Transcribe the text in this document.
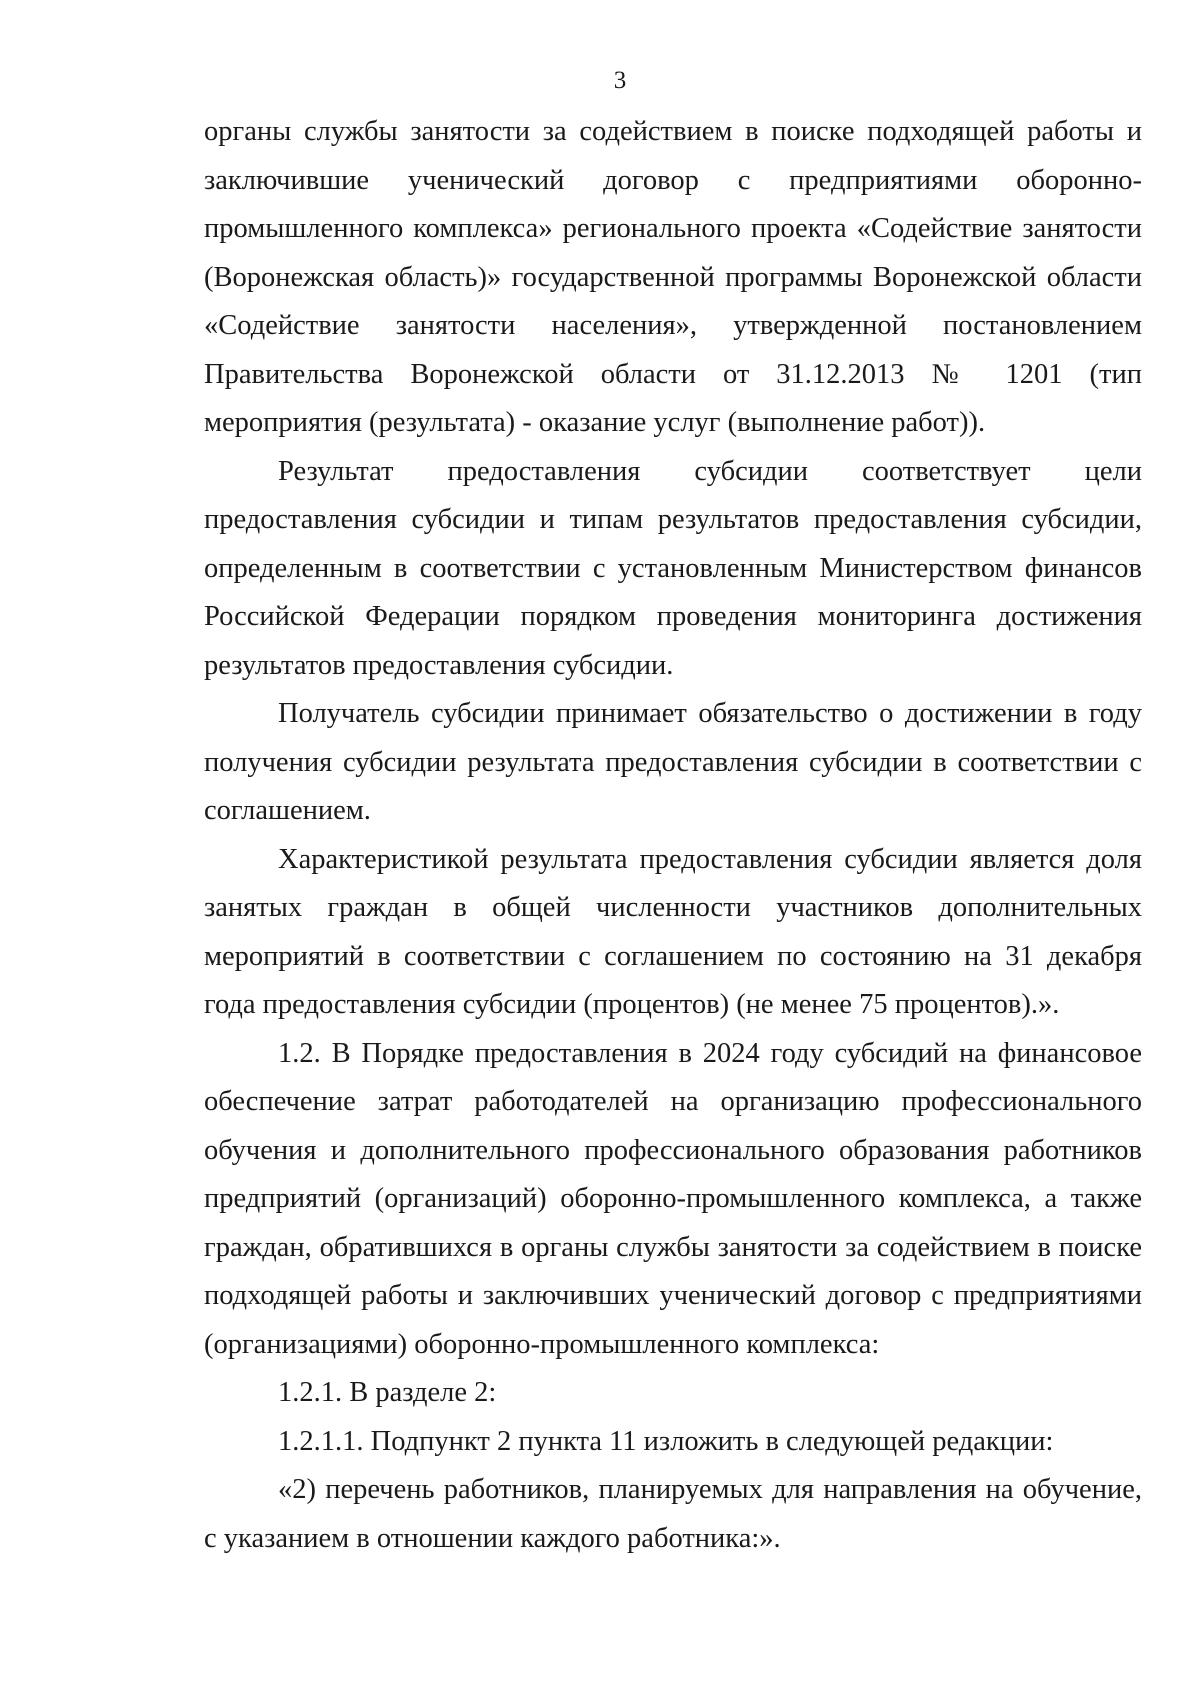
3

органы службы занятости за содействием в поиске подходящей работы и заключившие ученический договор с предприятиями оборонно-промышленного комплекса» регионального проекта «Содействие занятости (Воронежская область)» государственной программы Воронежской области «Содействие занятости населения», утвержденной постановлением Правительства Воронежской области от 31.12.2013 № 1201 (тип мероприятия (результата) - оказание услуг (выполнение работ)).

Результат предоставления субсидии соответствует цели предоставления субсидии и типам результатов предоставления субсидии, определенным в соответствии с установленным Министерством финансов Российской Федерации порядком проведения мониторинга достижения результатов предоставления субсидии.

Получатель субсидии принимает обязательство о достижении в году получения субсидии результата предоставления субсидии в соответствии с соглашением.

Характеристикой результата предоставления субсидии является доля занятых граждан в общей численности участников дополнительных мероприятий в соответствии с соглашением по состоянию на 31 декабря года предоставления субсидии (процентов) (не менее 75 процентов).».

1.2. В Порядке предоставления в 2024 году субсидий на финансовое обеспечение затрат работодателей на организацию профессионального обучения и дополнительного профессионального образования работников предприятий (организаций) оборонно-промышленного комплекса, а также граждан, обратившихся в органы службы занятости за содействием в поиске подходящей работы и заключивших ученический договор с предприятиями (организациями) оборонно-промышленного комплекса:

1.2.1. В разделе 2:

1.2.1.1. Подпункт 2 пункта 11 изложить в следующей редакции:

«2) перечень работников, планируемых для направления на обучение, с указанием в отношении каждого работника:».
